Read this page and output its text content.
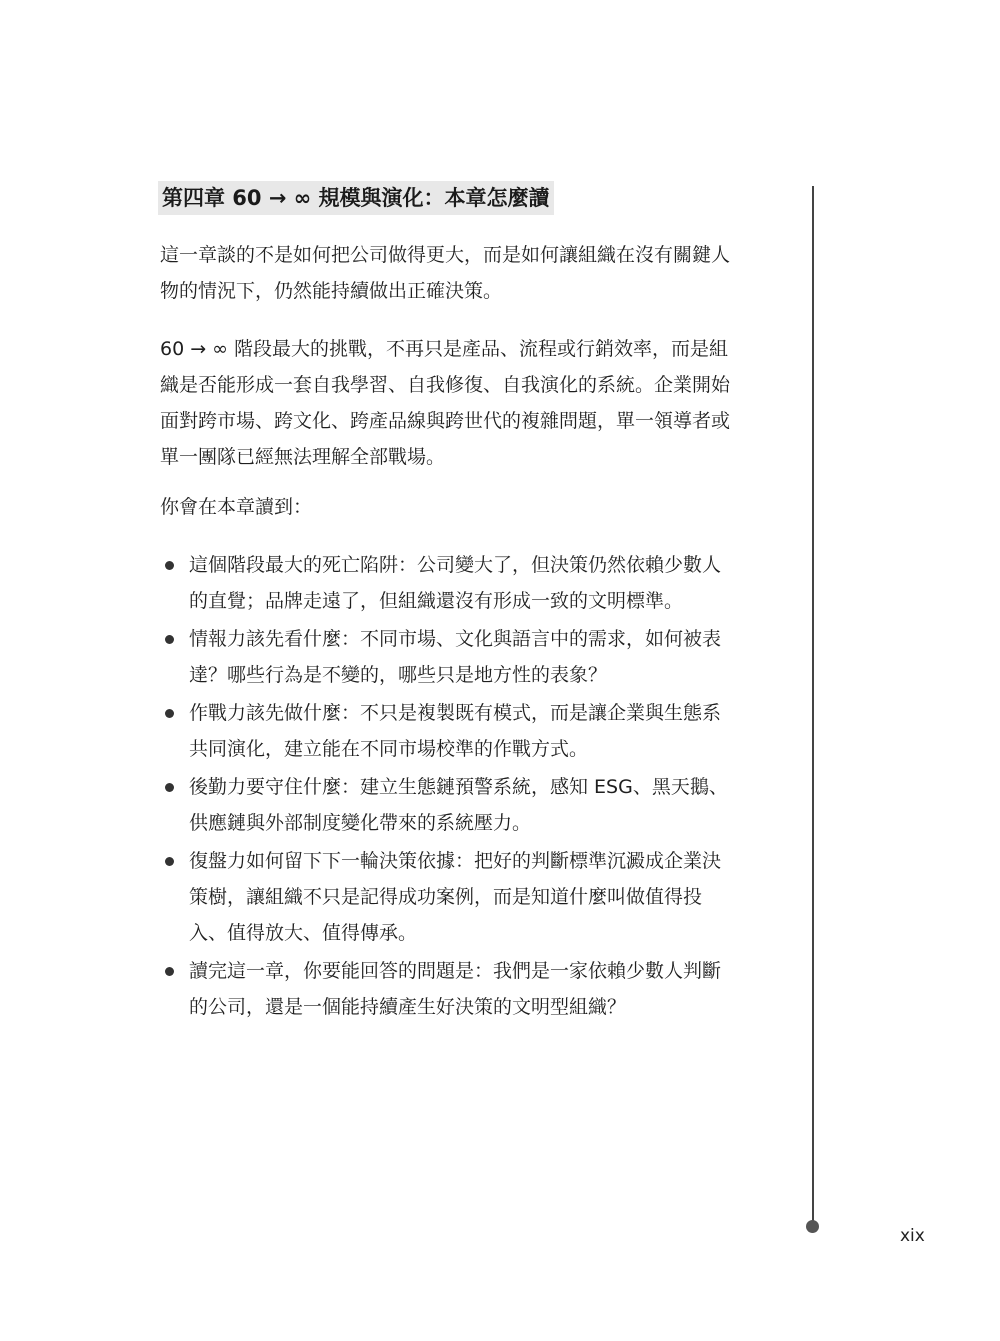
第四章 60 → ∞ 規模與演化：本章怎麼讀

這一章談的不是如何把公司做得更大，而是如何讓組織在沒有關鍵人物的情況下，仍然能持續做出正確決策。

60 → ∞ 階段最大的挑戰，不再只是產品、流程或行銷效率，而是組織是否能形成一套自我學習、自我修復、自我演化的系統。企業開始面對跨市場、跨文化、跨產品線與跨世代的複雜問題，單一領導者或單一團隊已經無法理解全部戰場。

你會在本章讀到：

這個階段最大的死亡陷阱：公司變大了，但決策仍然依賴少數人的直覺；品牌走遠了，但組織還沒有形成一致的文明標準。
情報力該先看什麼：不同市場、文化與語言中的需求，如何被表達？哪些行為是不變的，哪些只是地方性的表象？
作戰力該先做什麼：不只是複製既有模式，而是讓企業與生態系共同演化，建立能在不同市場校準的作戰方式。
後勤力要守住什麼：建立生態鏈預警系統，感知 ESG、黑天鵝、供應鏈與外部制度變化帶來的系統壓力。
復盤力如何留下下一輪決策依據：把好的判斷標準沉澱成企業決策樹，讓組織不只是記得成功案例，而是知道什麼叫做值得投入、值得放大、值得傳承。
讀完這一章，你要能回答的問題是：我們是一家依賴少數人判斷的公司，還是一個能持續產生好決策的文明型組織？
xix
